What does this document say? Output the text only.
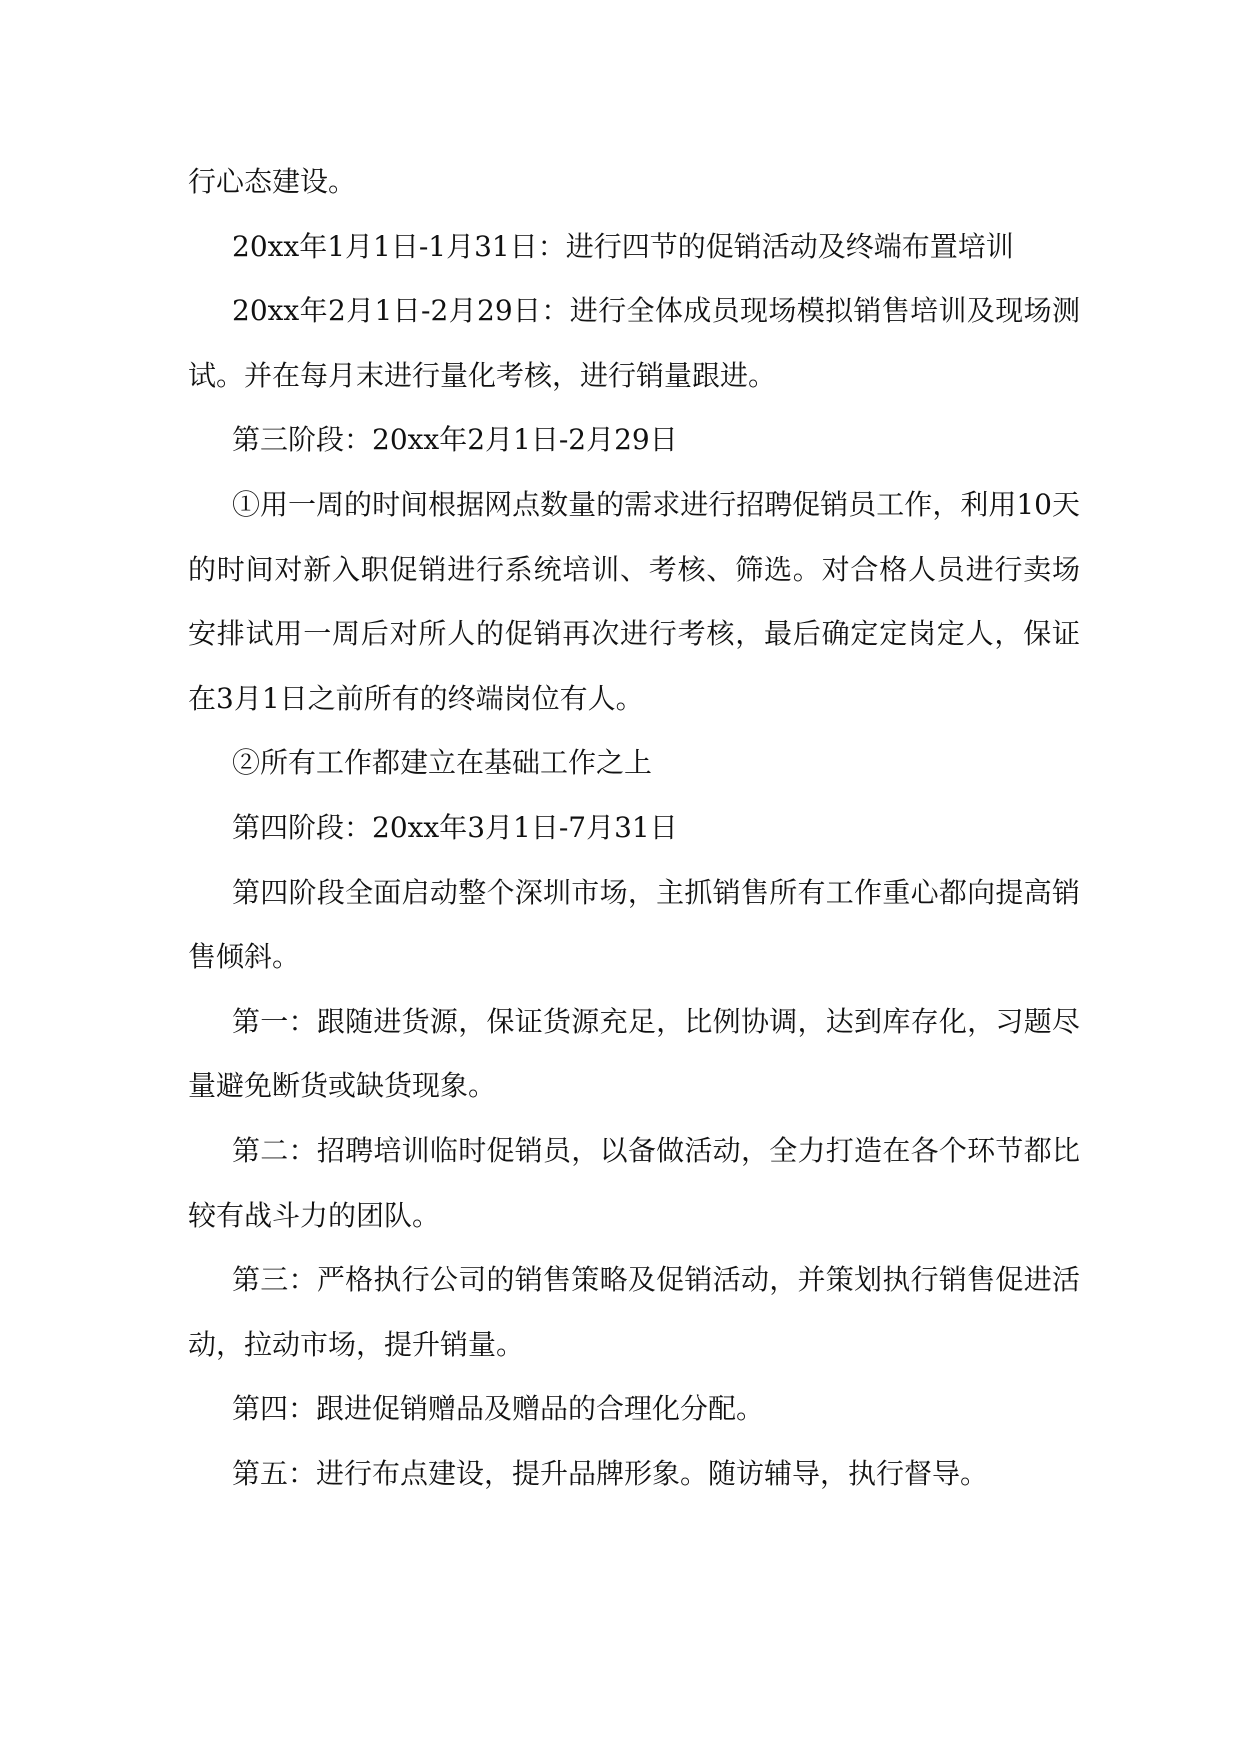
行心态建设。

20xx年1月1日-1月31日：进行四节的促销活动及终端布置培训

20xx年2月1日-2月29日：进行全体成员现场模拟销售培训及现场测试。并在每月末进行量化考核，进行销量跟进。

第三阶段：20xx年2月1日-2月29日

①用一周的时间根据网点数量的需求进行招聘促销员工作，利用10天的时间对新入职促销进行系统培训、考核、筛选。对合格人员进行卖场安排试用一周后对所人的促销再次进行考核，最后确定定岗定人，保证在3月1日之前所有的终端岗位有人。

②所有工作都建立在基础工作之上

第四阶段：20xx年3月1日-7月31日

第四阶段全面启动整个深圳市场，主抓销售所有工作重心都向提高销售倾斜。

第一：跟随进货源，保证货源充足，比例协调，达到库存化，习题尽量避免断货或缺货现象。

第二：招聘培训临时促销员，以备做活动，全力打造在各个环节都比较有战斗力的团队。

第三：严格执行公司的销售策略及促销活动，并策划执行销售促进活动，拉动市场，提升销量。

第四：跟进促销赠品及赠品的合理化分配。

第五：进行布点建设，提升品牌形象。随访辅导，执行督导。
